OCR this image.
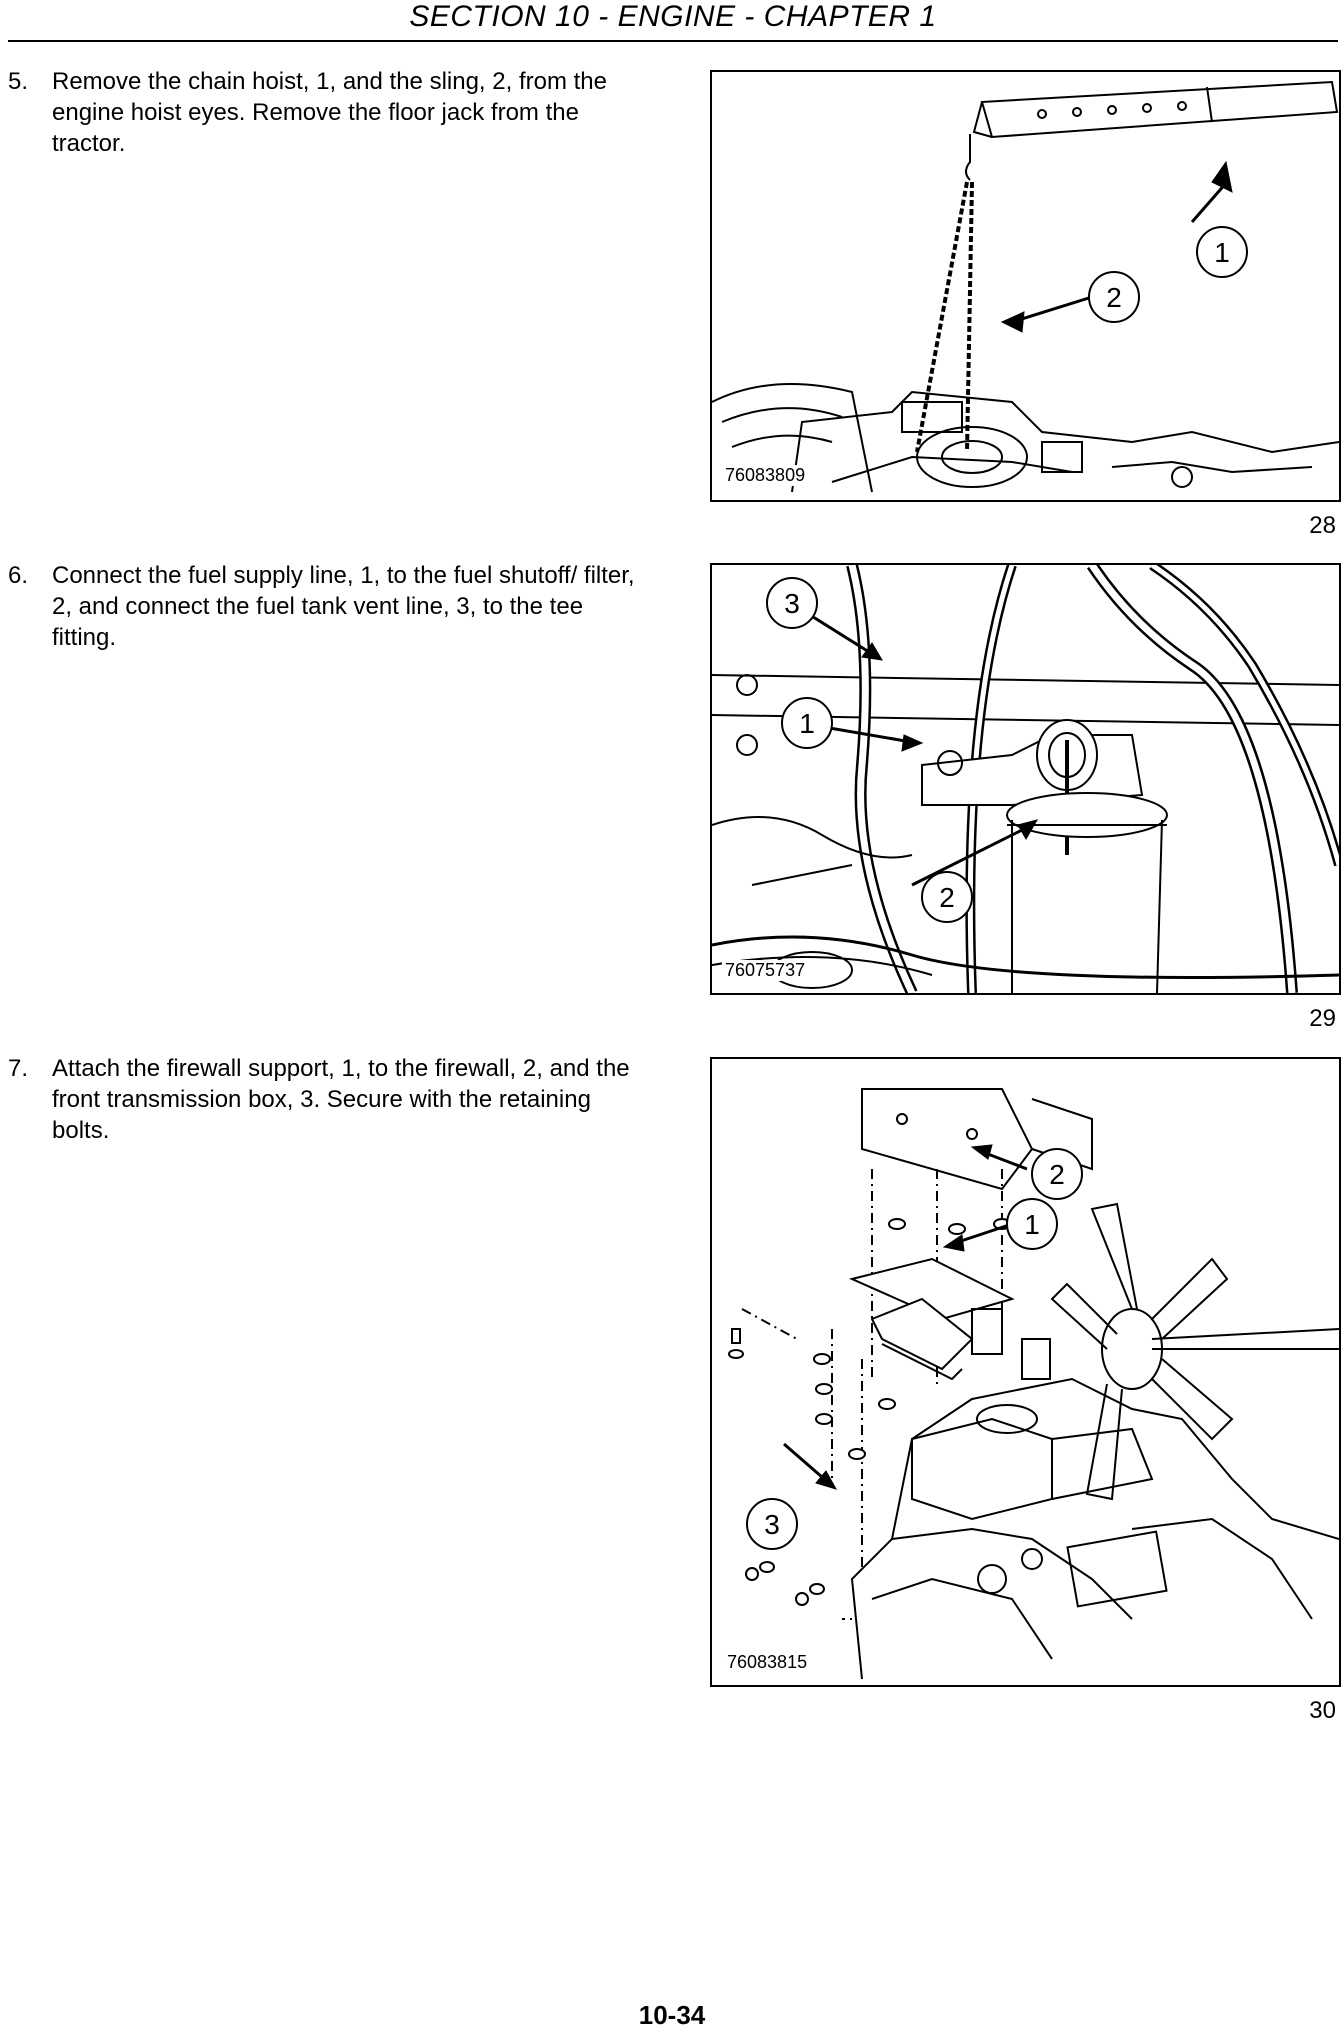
SECTION 10 - ENGINE - CHAPTER 1
5. Remove the chain hoist, 1, and the sling, 2, from the engine hoist eyes. Remove the floor jack from the tractor.
1
2
76083809
28
6. Connect the fuel supply line, 1, to the fuel shutoff/ filter, 2, and connect the fuel tank vent line, 3, to the tee fitting.
3
1
2
76075737
29
7. Attach the firewall support, 1, to the firewall, 2, and the front transmission box, 3. Secure with the retaining bolts.
2
1
3
76083815
30
10-34
